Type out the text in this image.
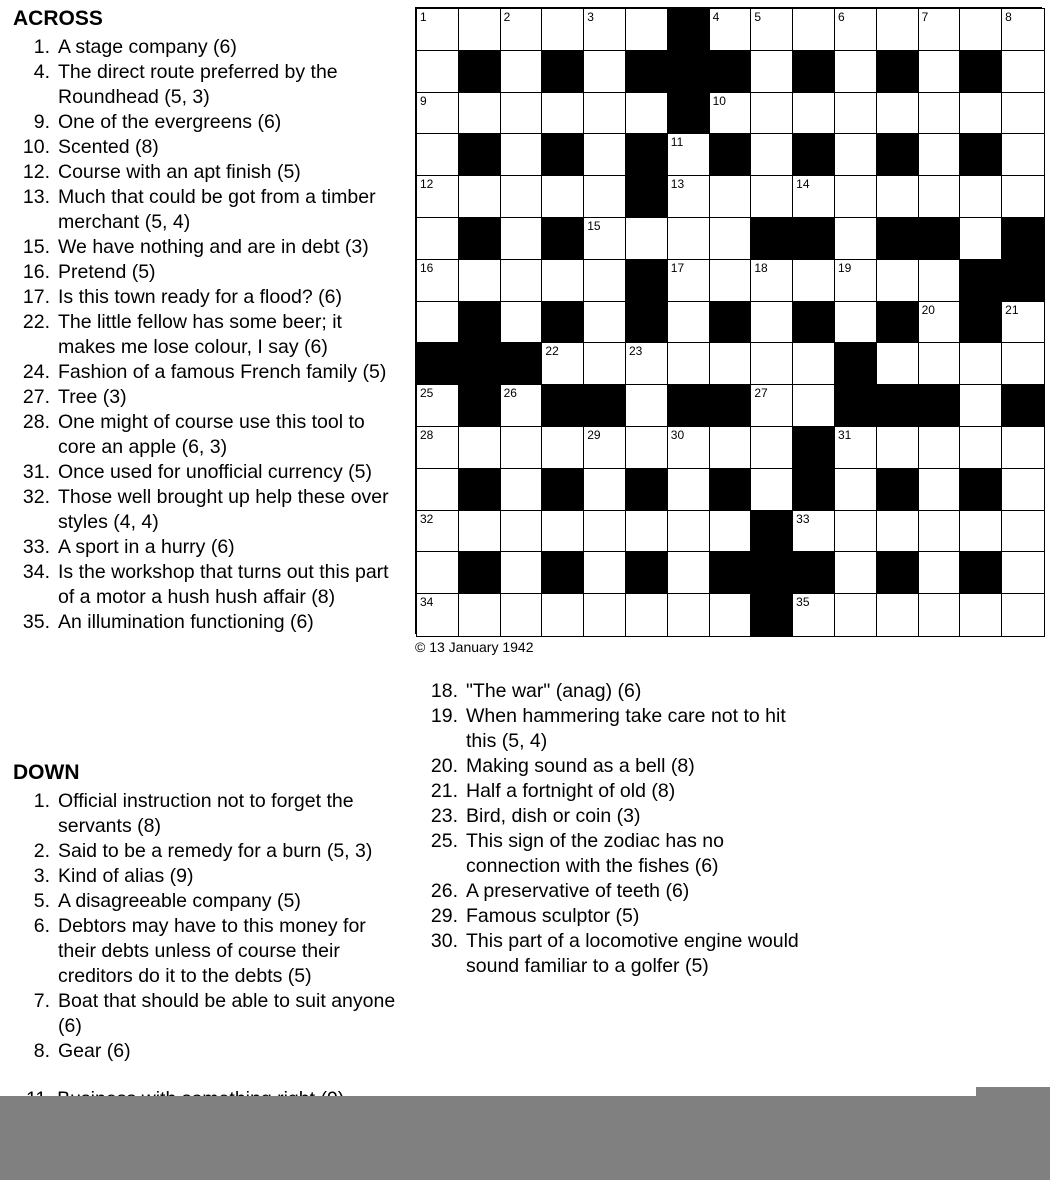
ACROSS
1. A stage company (6)
4. The direct route preferred by the Roundhead (5, 3)
9. One of the evergreens (6)
10. Scented (8)
12. Course with an apt finish (5)
13. Much that could be got from a timber merchant (5, 4)
15. We have nothing and are in debt (3)
16. Pretend (5)
17. Is this town ready for a flood? (6)
22. The little fellow has some beer; it makes me lose colour, I say (6)
24. Fashion of a famous French family (5)
27. Tree (3)
28. One might of course use this tool to core an apple (6, 3)
31. Once used for unofficial currency (5)
32. Those well brought up help these over styles (4, 4)
33. A sport in a hurry (6)
34. Is the workshop that turns out this part of a motor a hush hush affair (8)
35. An illumination functioning (6)
DOWN
1. Official instruction not to forget the servants (8)
2. Said to be a remedy for a burn (5, 3)
3. Kind of alias (9)
5. A disagreeable company (5)
6. Debtors may have to this money for their debts unless of course their creditors do it to the debts (5)
7. Boat that should be able to suit anyone (6)
8. Gear (6)
18. "The war" (anag) (6)
19. When hammering take care not to hit this (5, 4)
20. Making sound as a bell (8)
21. Half a fortnight of old (8)
23. Bird, dish or coin (3)
25. This sign of the zodiac has no connection with the fishes (6)
26. A preservative of teeth (6)
29. Famous sculptor (5)
30. This part of a locomotive engine would sound familiar to a golfer (5)
1	2	3	4	5	6	7	8
9	10
11
12	13	14
15
16	17	18	19
20	21
22	23
25	26	27
28	29	30	31
32	33
34	35
© 13 January 1942
